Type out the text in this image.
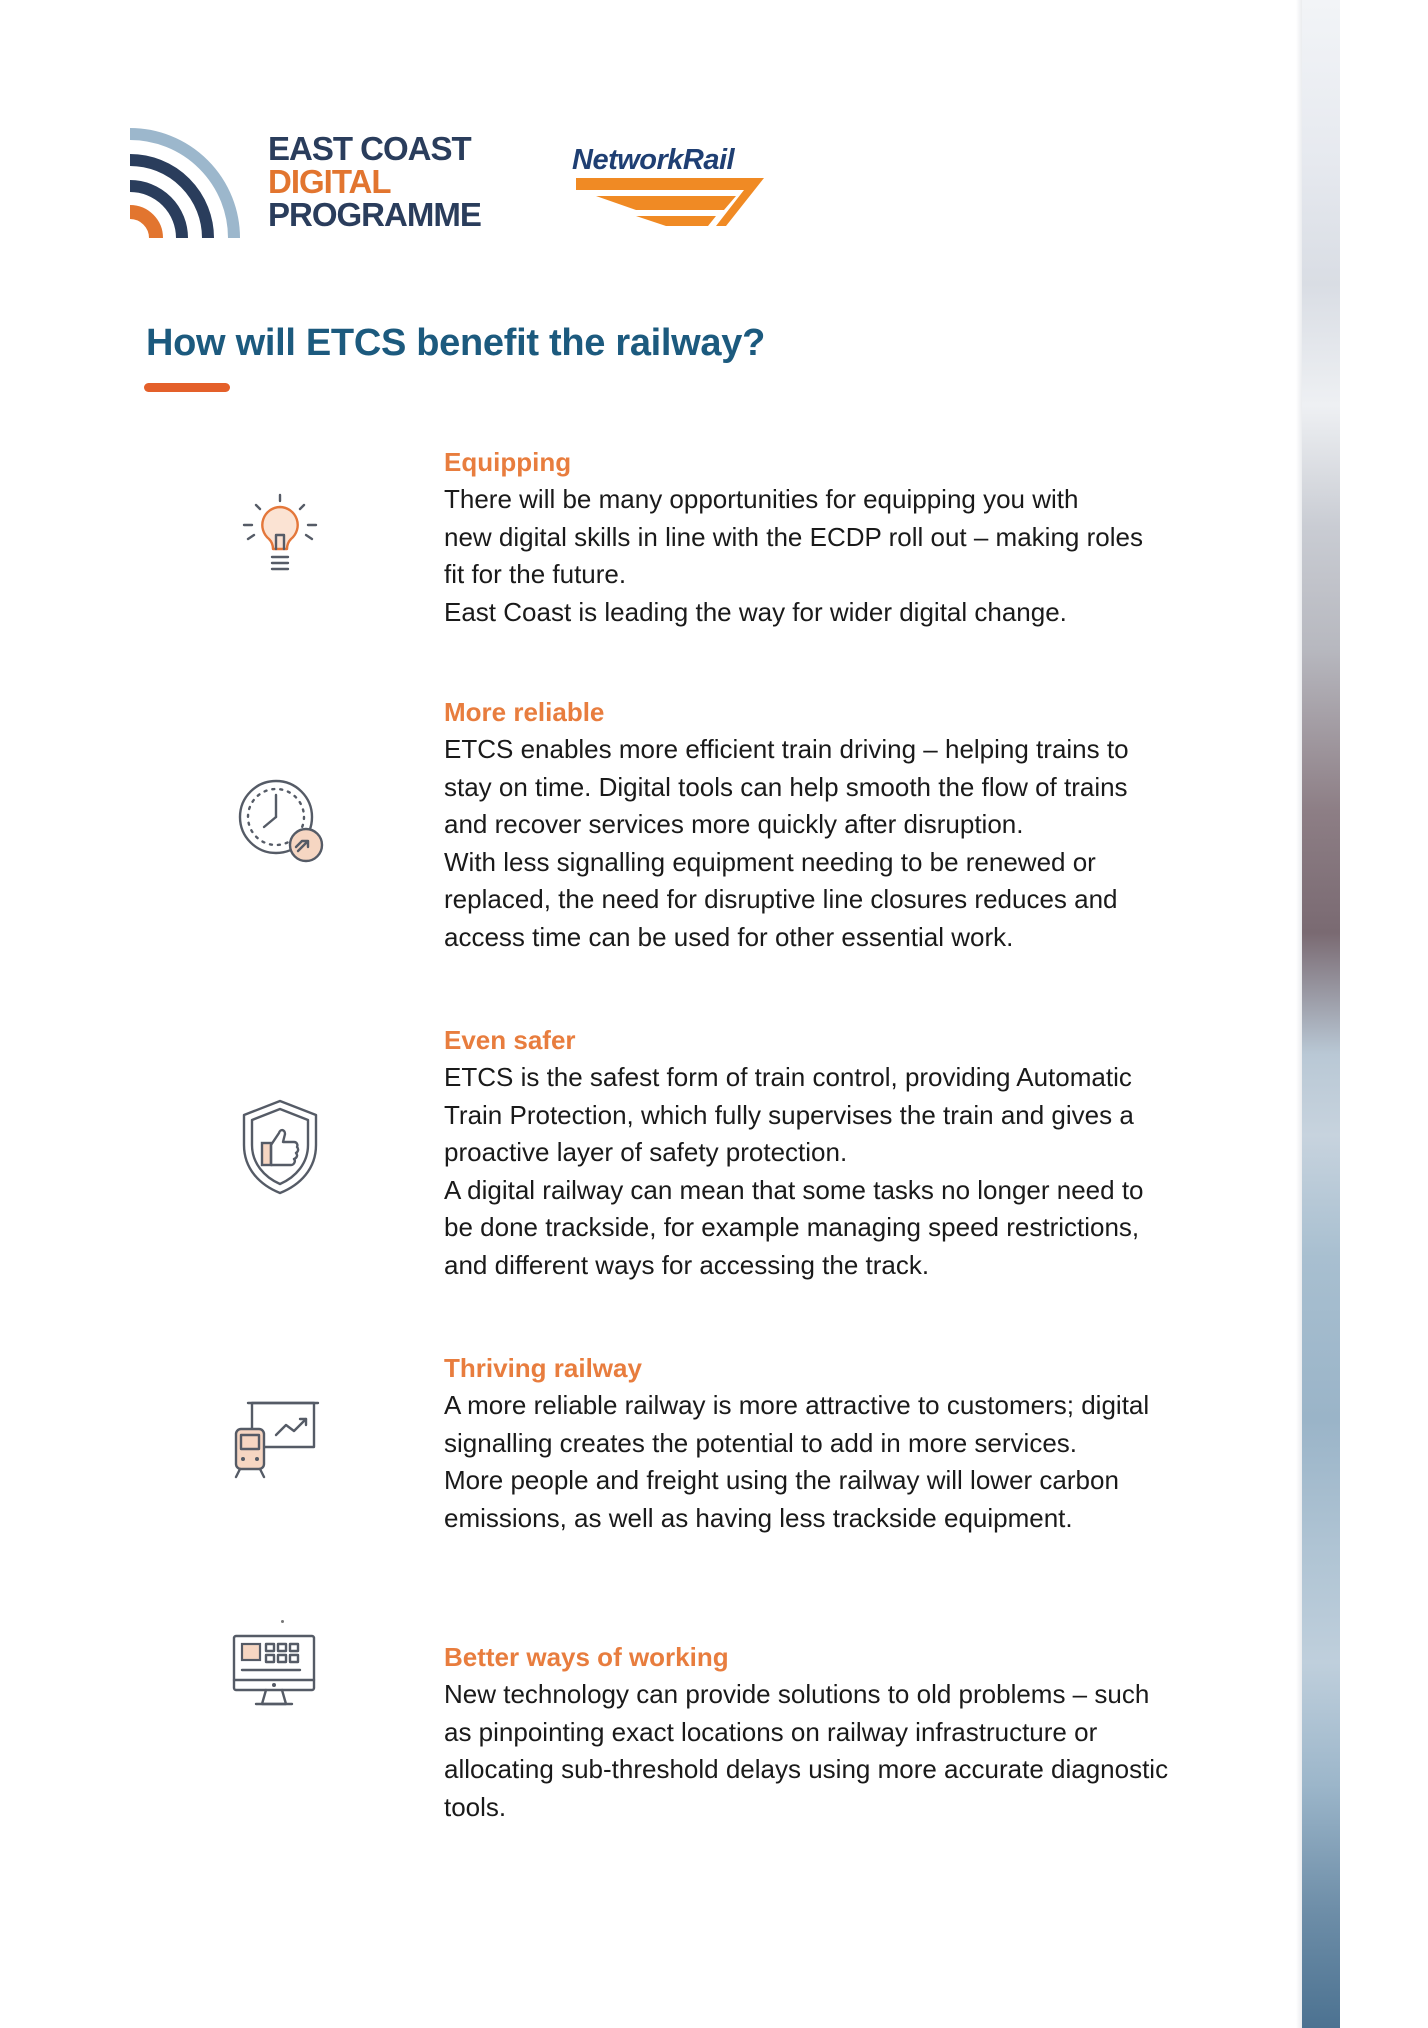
EAST COAST
DIGITAL
PROGRAMME
NetworkRail
How will ETCS benefit the railway?
Equipping

There will be many opportunities for equipping you with

new digital skills in line with the ECDP roll out – making roles

fit for the future.

East Coast is leading the way for wider digital change.

More reliable

ETCS enables more efficient train driving – helping trains to

stay on time. Digital tools can help smooth the flow of trains

and recover services more quickly after disruption.

With less signalling equipment needing to be renewed or

replaced, the need for disruptive line closures reduces and

access time can be used for other essential work.

Even safer

ETCS is the safest form of train control, providing Automatic

Train Protection, which fully supervises the train and gives a

proactive layer of safety protection.

A digital railway can mean that some tasks no longer need to

be done trackside, for example managing speed restrictions,

and different ways for accessing the track.

Thriving railway

A more reliable railway is more attractive to customers; digital

signalling creates the potential to add in more services.

More people and freight using the railway will lower carbon

emissions, as well as having less trackside equipment.

Better ways of working

New technology can provide solutions to old problems – such

as pinpointing exact locations on railway infrastructure or

allocating sub-threshold delays using more accurate diagnostic

tools.
